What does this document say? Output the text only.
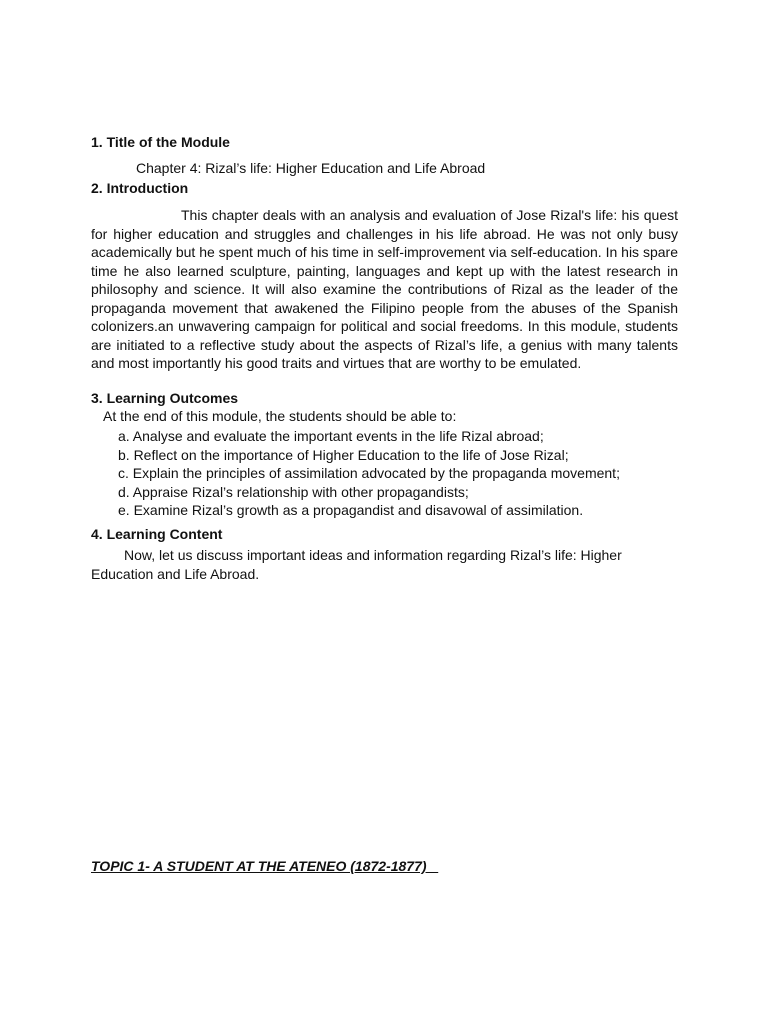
1. Title of the Module

Chapter 4: Rizal’s life: Higher Education and Life Abroad

2. Introduction

This chapter deals with an analysis and evaluation of Jose Rizal's life: his quest for higher education and struggles and challenges in his life abroad. He was not only busy academically but he spent much of his time in self-improvement via self-education. In his spare time he also learned sculpture, painting, languages and kept up with the latest research in philosophy and science. It will also examine the contributions of Rizal as the leader of the propaganda movement that awakened the Filipino people from the abuses of the Spanish colonizers.an unwavering campaign for political and social freedoms. In this module, students are initiated to a reflective study about the aspects of Rizal’s life, a genius with many talents and most importantly his good traits and virtues that are worthy to be emulated.

3. Learning Outcomes

At the end of this module, the students should be able to:

a. Analyse and evaluate the important events in the life Rizal abroad;
b. Reflect on the importance of Higher Education to the life of Jose Rizal;
c. Explain the principles of assimilation advocated by the propaganda movement;
d. Appraise Rizal’s relationship with other propagandists;
e. Examine Rizal’s growth as a propagandist and disavowal of assimilation.

4. Learning Content

Now, let us discuss important ideas and information regarding Rizal’s life: Higher Education and Life Abroad.

TOPIC 1- A STUDENT AT THE ATENEO (1872-1877)
